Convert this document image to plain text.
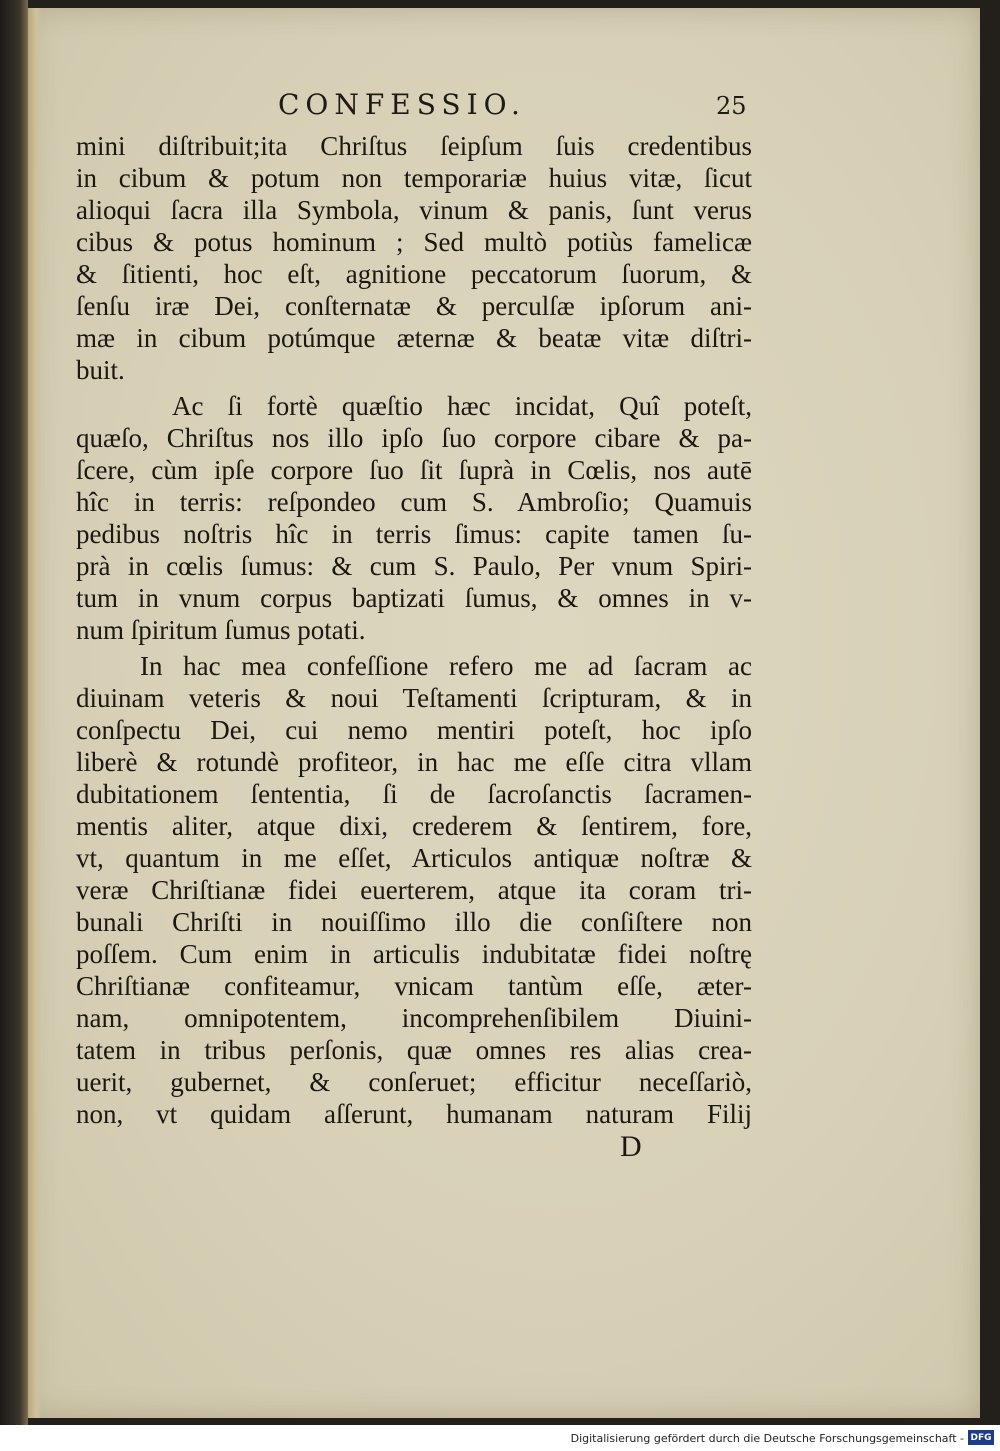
CONFESSIO.	25
mini diſtribuit;ita Chriſtus ſeipſum ſuis credentibus
in cibum & potum non temporariæ huius vitæ, ſicut
alioqui ſacra illa Symbola, vinum & panis, ſunt verus
cibus & potus hominum ; Sed multò potiùs famelicæ
& ſitienti, hoc eſt, agnitione peccatorum ſuorum, &
ſenſu iræ Dei, conſternatæ & perculſæ ipſorum ani-
mæ in cibum potúmque æternæ & beatæ vitæ diſtri-
buit.
Ac ſi fortè quæſtio hæc incidat, Quî poteſt,
quæſo, Chriſtus nos illo ipſo ſuo corpore cibare & pa-
ſcere, cùm ipſe corpore ſuo ſit ſuprà in Cœlis, nos autē
hîc in terris: reſpondeo cum S. Ambroſio; Quamuis
pedibus noſtris hîc in terris ſimus: capite tamen ſu-
prà in cœlis ſumus: & cum S. Paulo, Per vnum Spiri-
tum in vnum corpus baptizati ſumus, & omnes in v-
num ſpiritum ſumus potati.
In hac mea confeſſione refero me ad ſacram ac
diuinam veteris & noui Teſtamenti ſcripturam, & in
conſpectu Dei, cui nemo mentiri poteſt, hoc ipſo
liberè & rotundè profiteor, in hac me eſſe citra vllam
dubitationem ſententia, ſi de ſacroſanctis ſacramen-
mentis aliter, atque dixi, crederem & ſentirem, fore,
vt, quantum in me eſſet, Articulos antiquæ noſtræ &
veræ Chriſtianæ fidei euerterem, atque ita coram tri-
bunali Chriſti in nouiſſimo illo die conſiſtere non
poſſem. Cum enim in articulis indubitatæ fidei noſtrę
Chriſtianæ confiteamur, vnicam tantùm eſſe, æter-
nam, omnipotentem, incomprehenſibilem Diuini-
tatem in tribus perſonis, quæ omnes res alias crea-
uerit, gubernet, & conſeruet; efficitur neceſſariò,
non, vt quidam aſſerunt, humanam naturam Filij
D
Digitalisierung gefördert durch die Deutsche Forschungsgemeinschaft - DFG
